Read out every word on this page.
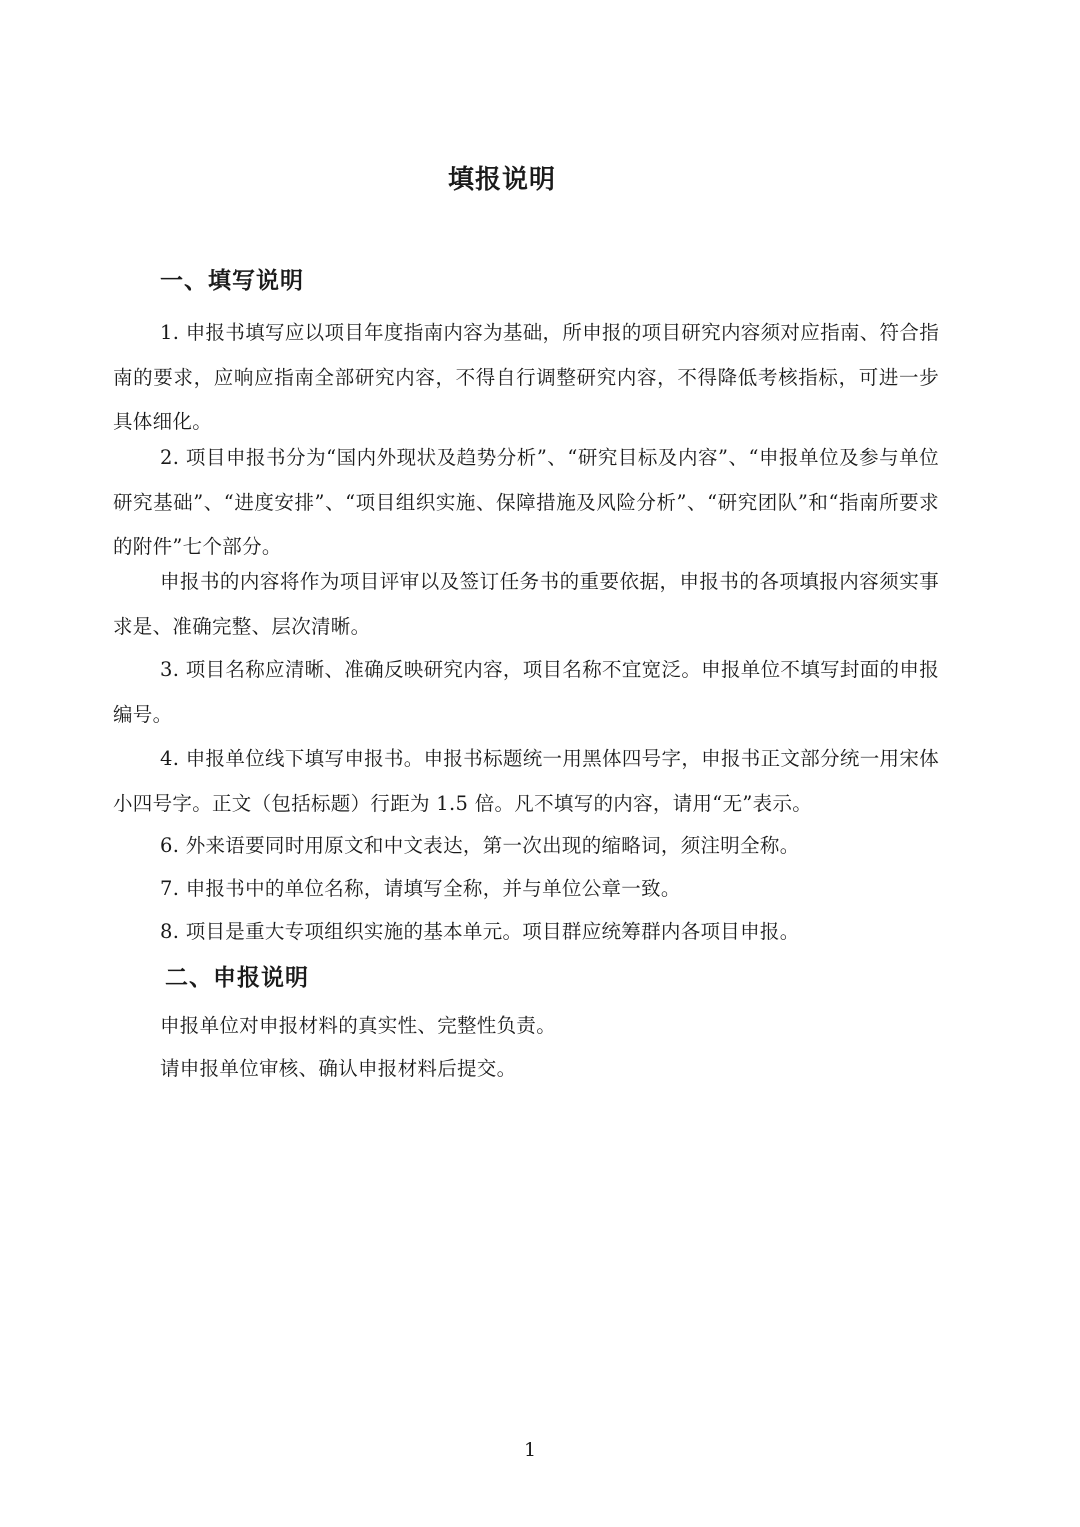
填报说明
一、填写说明

1. 申报书填写应以项目年度指南内容为基础，所申报的项目研究内容须对应指南、符合指南的要求，应响应指南全部研究内容，不得自行调整研究内容，不得降低考核指标，可进一步具体细化。

2. 项目申报书分为“国内外现状及趋势分析”、“研究目标及内容”、“申报单位及参与单位研究基础”、“进度安排”、“项目组织实施、保障措施及风险分析”、“研究团队”和“指南所要求的附件”七个部分。

申报书的内容将作为项目评审以及签订任务书的重要依据，申报书的各项填报内容须实事求是、准确完整、层次清晰。

3. 项目名称应清晰、准确反映研究内容，项目名称不宜宽泛。申报单位不填写封面的申报编号。

4. 申报单位线下填写申报书。申报书标题统一用黑体四号字，申报书正文部分统一用宋体小四号字。正文（包括标题）行距为 1.5 倍。凡不填写的内容，请用“无”表示。

6. 外来语要同时用原文和中文表达，第一次出现的缩略词，须注明全称。

7. 申报书中的单位名称，请填写全称，并与单位公章一致。

8. 项目是重大专项组织实施的基本单元。项目群应统筹群内各项目申报。

二、申报说明

申报单位对申报材料的真实性、完整性负责。

请申报单位审核、确认申报材料后提交。

1
